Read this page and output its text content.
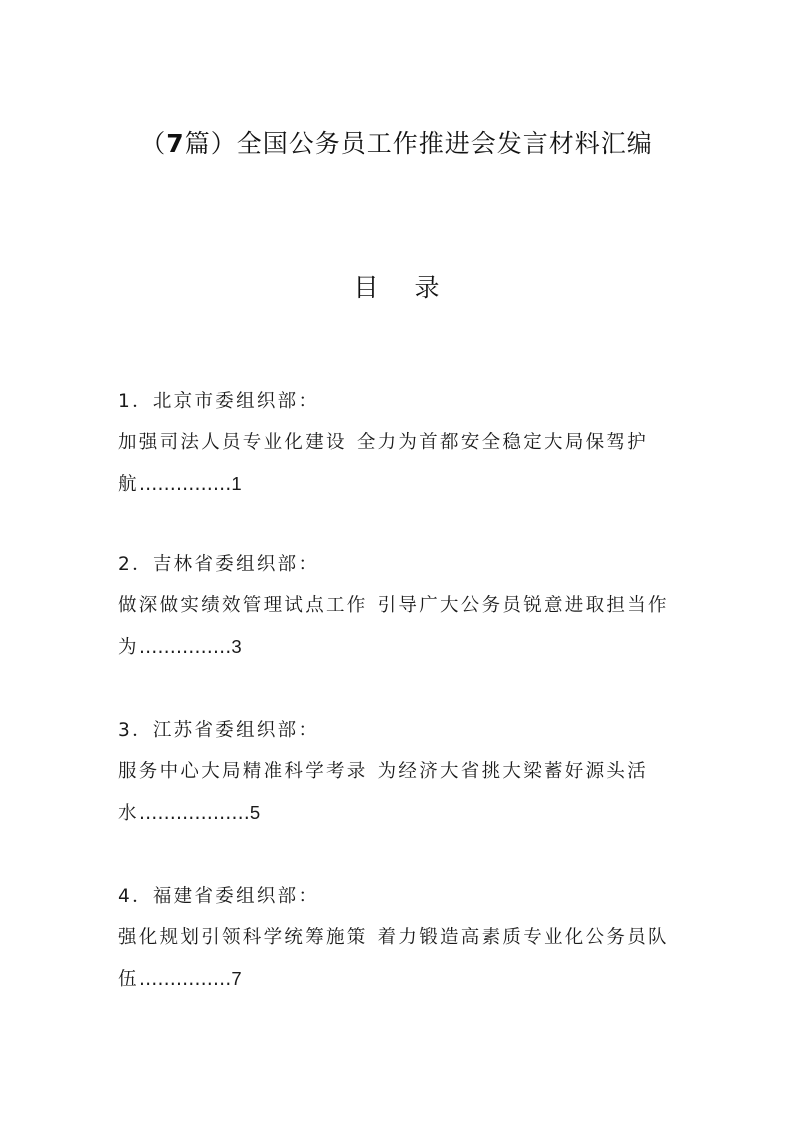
（7篇）全国公务员工作推进会发言材料汇编
目 录
1．北京市委组织部：
加强司法人员专业化建设 全力为首都安全稳定大局保驾护航……………1
2．吉林省委组织部：
做深做实绩效管理试点工作 引导广大公务员锐意进取担当作为……………3
3．江苏省委组织部：
服务中心大局精准科学考录 为经济大省挑大梁蓄好源头活水………………5
4．福建省委组织部：
强化规划引领科学统筹施策 着力锻造高素质专业化公务员队伍……………7
